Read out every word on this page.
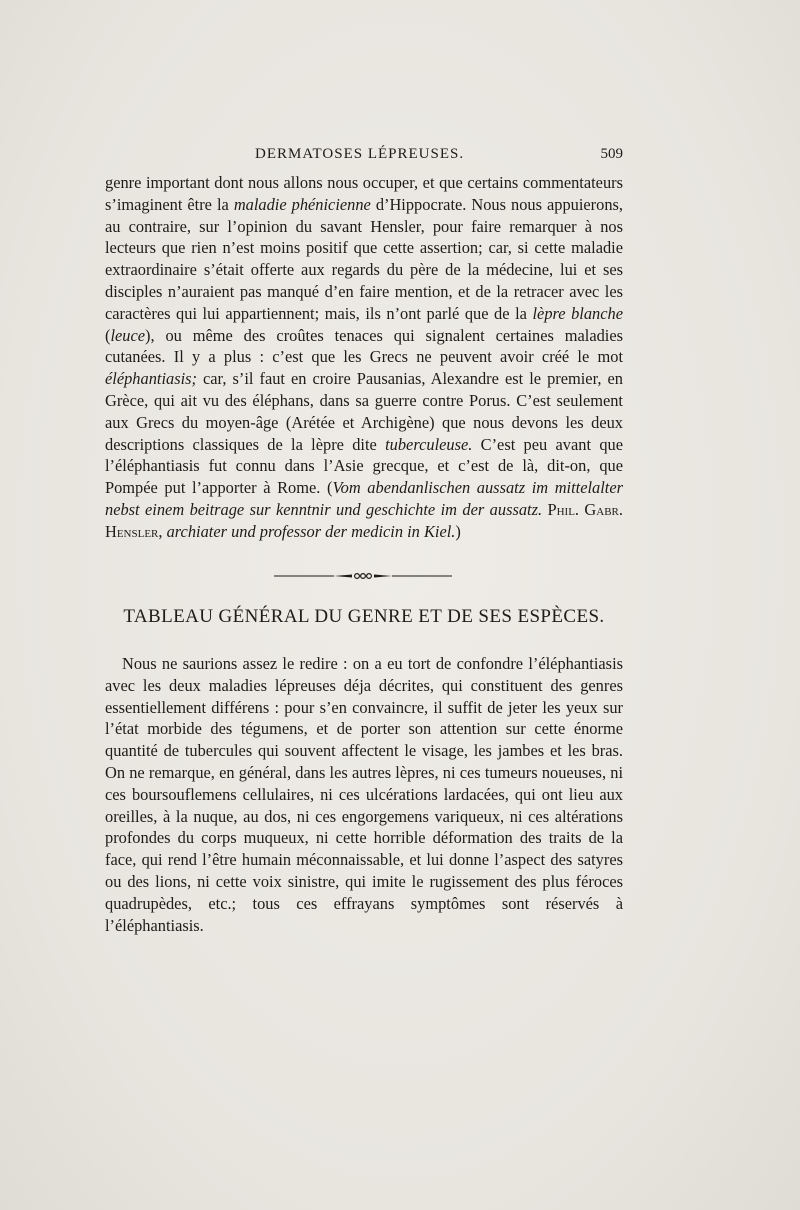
DERMATOSES LÉPREUSES.	509

genre important dont nous allons nous occuper, et que certains commentateurs s’imaginent être la maladie phénicienne d’Hippocrate. Nous nous appuierons, au contraire, sur l’opinion du savant Hensler, pour faire remarquer à nos lecteurs que rien n’est moins positif que cette assertion; car, si cette maladie extraordinaire s’était offerte aux regards du père de la médecine, lui et ses disciples n’auraient pas manqué d’en faire mention, et de la retracer avec les caractères qui lui appartiennent; mais, ils n’ont parlé que de la lèpre blanche (leuce), ou même des croûtes tenaces qui signalent certaines maladies cutanées. Il y a plus : c’est que les Grecs ne peuvent avoir créé le mot éléphantiasis; car, s’il faut en croire Pausanias, Alexandre est le premier, en Grèce, qui ait vu des éléphans, dans sa guerre contre Porus. C’est seulement aux Grecs du moyen-âge (Arétée et Archigène) que nous devons les deux descriptions classiques de la lèpre dite tuberculeuse. C’est peu avant que l’éléphantiasis fut connu dans l’Asie grecque, et c’est de là, dit-on, que Pompée put l’apporter à Rome. (Vom abendanlischen aussatz im mittelalter nebst einem beitrage sur kenntnir und geschichte im der aussatz. Phil. Gabr. Hensler, archiater und professor der medicin in Kiel.)

TABLEAU GÉNÉRAL DU GENRE ET DE SES ESPÈCES.

Nous ne saurions assez le redire : on a eu tort de confondre l’éléphantiasis avec les deux maladies lépreuses déja décrites, qui constituent des genres essentiellement différens : pour s’en convaincre, il suffit de jeter les yeux sur l’état morbide des tégumens, et de porter son attention sur cette énorme quantité de tubercules qui souvent affectent le visage, les jambes et les bras. On ne remarque, en général, dans les autres lèpres, ni ces tumeurs noueuses, ni ces boursouflemens cellulaires, ni ces ulcérations lardacées, qui ont lieu aux oreilles, à la nuque, au dos, ni ces engorgemens variqueux, ni ces altérations profondes du corps muqueux, ni cette horrible déformation des traits de la face, qui rend l’être humain méconnaissable, et lui donne l’aspect des satyres ou des lions, ni cette voix sinistre, qui imite le rugissement des plus féroces quadrupèdes, etc.; tous ces effrayans symptômes sont réservés à l’éléphantiasis.
